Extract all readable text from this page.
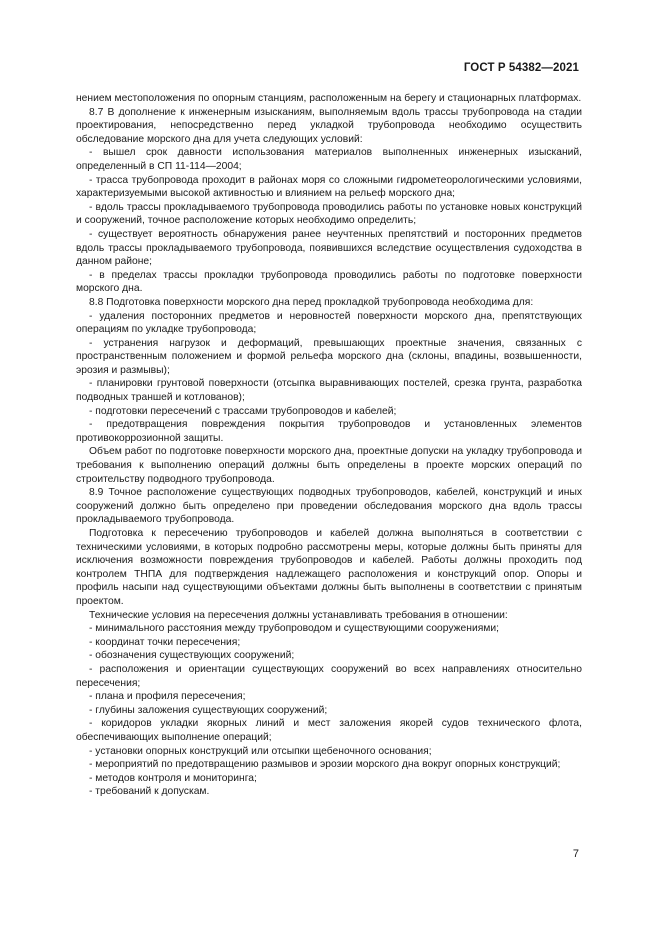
ГОСТ Р 54382—2021

нением местоположения по опорным станциям, расположенным на берегу и стационарных платформах.

8.7 В дополнение к инженерным изысканиям, выполняемым вдоль трассы трубопровода на стадии проектирования, непосредственно перед укладкой трубопровода необходимо осуществить обследование морского дна для учета следующих условий:

- вышел срок давности использования материалов выполненных инженерных изысканий, определенный в СП 11-114—2004;

- трасса трубопровода проходит в районах моря со сложными гидрометеорологическими условиями, характеризуемыми высокой активностью и влиянием на рельеф морского дна;

- вдоль трассы прокладываемого трубопровода проводились работы по установке новых конструкций и сооружений, точное расположение которых необходимо определить;

- существует вероятность обнаружения ранее неучтенных препятствий и посторонних предметов вдоль трассы прокладываемого трубопровода, появившихся вследствие осуществления судоходства в данном районе;

- в пределах трассы прокладки трубопровода проводились работы по подготовке поверхности морского дна.

8.8 Подготовка поверхности морского дна перед прокладкой трубопровода необходима для:

- удаления посторонних предметов и неровностей поверхности морского дна, препятствующих операциям по укладке трубопровода;

- устранения нагрузок и деформаций, превышающих проектные значения, связанных с пространственным положением и формой рельефа морского дна (склоны, впадины, возвышенности, эрозия и размывы);

- планировки грунтовой поверхности (отсыпка выравнивающих постелей, срезка грунта, разработка подводных траншей и котлованов);

- подготовки пересечений с трассами трубопроводов и кабелей;

- предотвращения повреждения покрытия трубопроводов и установленных элементов противокоррозионной защиты.

Объем работ по подготовке поверхности морского дна, проектные допуски на укладку трубопровода и требования к выполнению операций должны быть определены в проекте морских операций по строительству подводного трубопровода.

8.9 Точное расположение существующих подводных трубопроводов, кабелей, конструкций и иных сооружений должно быть определено при проведении обследования морского дна вдоль трассы прокладываемого трубопровода.

Подготовка к пересечению трубопроводов и кабелей должна выполняться в соответствии с техническими условиями, в которых подробно рассмотрены меры, которые должны быть приняты для исключения возможности повреждения трубопроводов и кабелей. Работы должны проходить под контролем ТНПА для подтверждения надлежащего расположения и конструкций опор. Опоры и профиль насыпи над существующими объектами должны быть выполнены в соответствии с принятым проектом.

Технические условия на пересечения должны устанавливать требования в отношении:

- минимального расстояния между трубопроводом и существующими сооружениями;

- координат точки пересечения;

- обозначения существующих сооружений;

- расположения и ориентации существующих сооружений во всех направлениях относительно пересечения;

- плана и профиля пересечения;

- глубины заложения существующих сооружений;

- коридоров укладки якорных линий и мест заложения якорей судов технического флота, обеспечивающих выполнение операций;

- установки опорных конструкций или отсыпки щебеночного основания;

- мероприятий по предотвращению размывов и эрозии морского дна вокруг опорных конструкций;

- методов контроля и мониторинга;

- требований к допускам.

7
